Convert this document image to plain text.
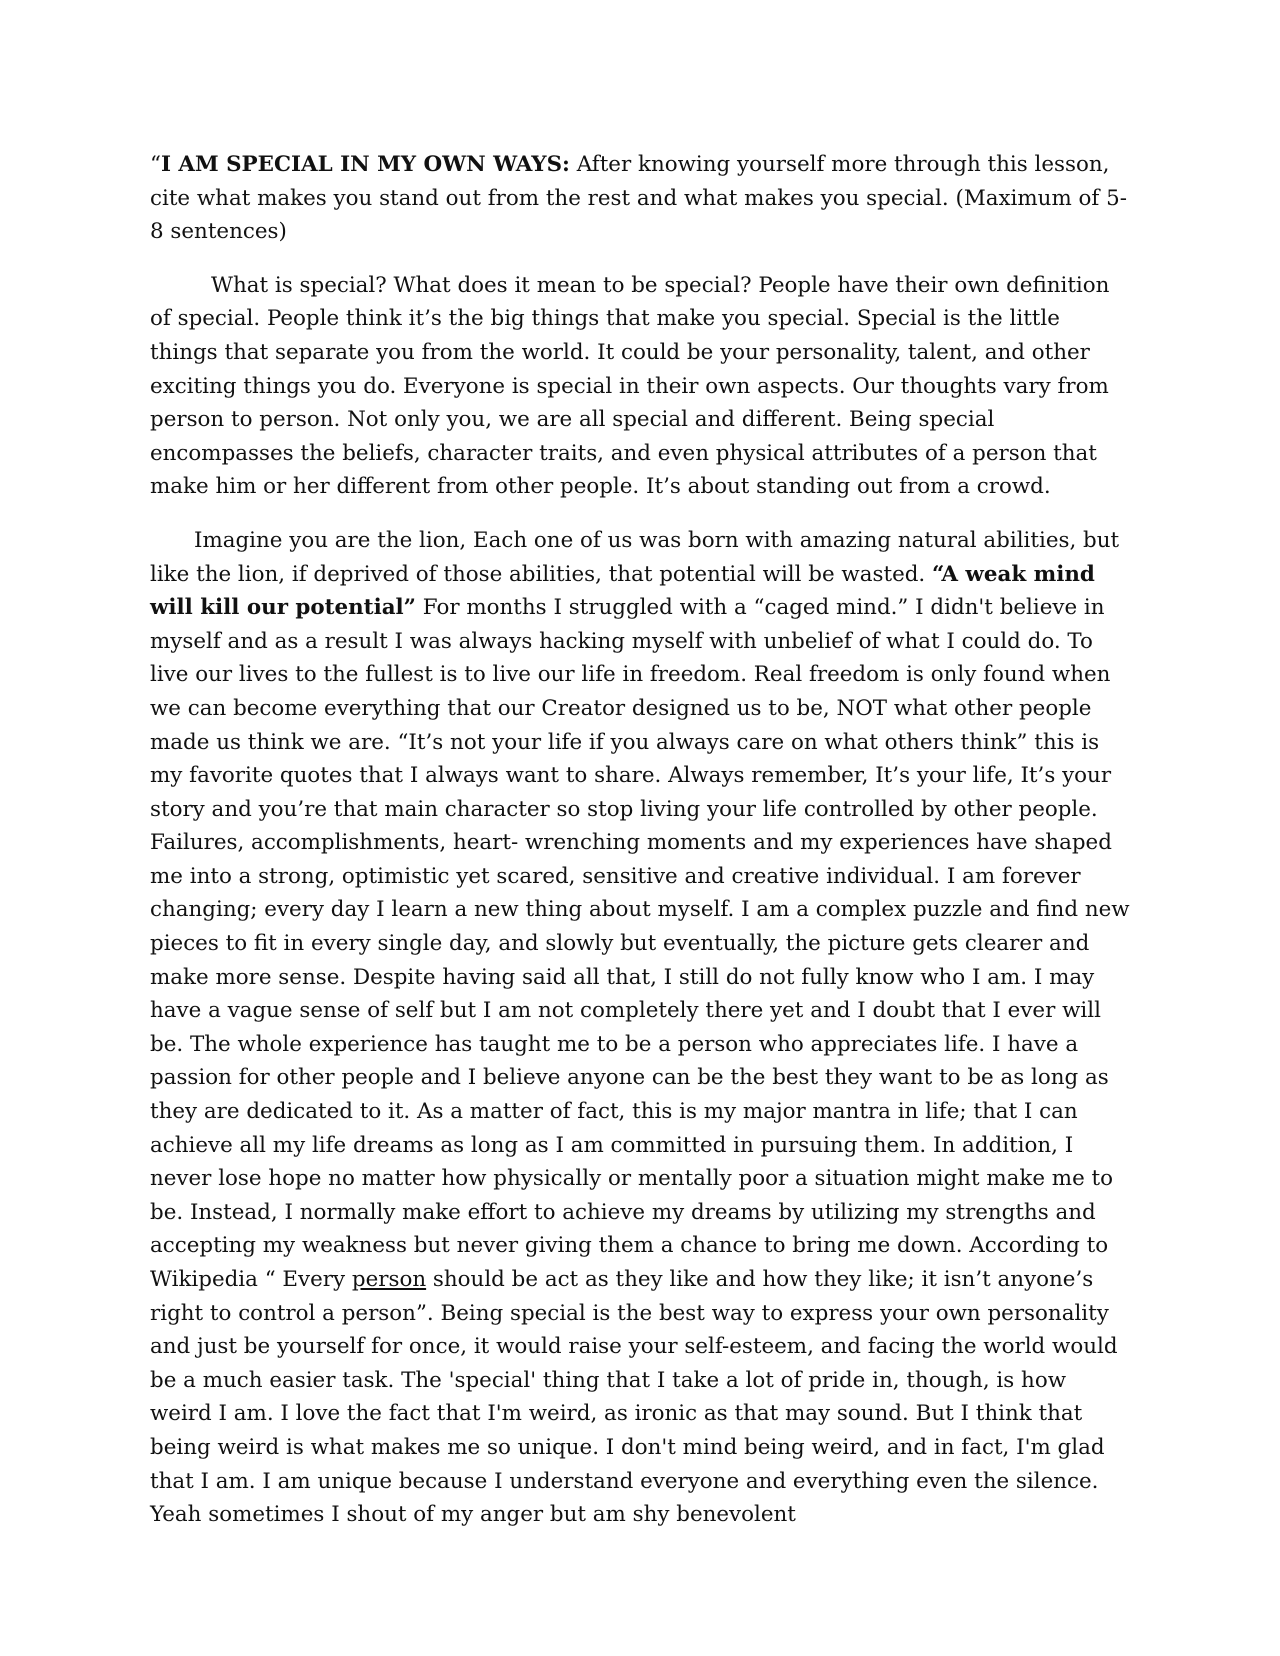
“I AM SPECIAL IN MY OWN WAYS: After knowing yourself more through this lesson, cite what makes you stand out from the rest and what makes you special. (Maximum of 5-8 sentences)

What is special? What does it mean to be special? People have their own definition of special. People think it’s the big things that make you special. Special is the little things that separate you from the world. It could be your personality, talent, and other exciting things you do. Everyone is special in their own aspects. Our thoughts vary from person to person. Not only you, we are all special and different. Being special encompasses the beliefs, character traits, and even physical attributes of a person that make him or her different from other people. It’s about standing out from a crowd.

Imagine you are the lion, Each one of us was born with amazing natural abilities, but like the lion, if deprived of those abilities, that potential will be wasted. “A weak mind will kill our potential” For months I struggled with a “caged mind.” I didn't believe in myself and as a result I was always hacking myself with unbelief of what I could do. To live our lives to the fullest is to live our life in freedom. Real freedom is only found when we can become everything that our Creator designed us to be, NOT what other people made us think we are. “It’s not your life if you always care on what others think” this is my favorite quotes that I always want to share. Always remember, It’s your life, It’s your story and you’re that main character so stop living your life controlled by other people. Failures, accomplishments, heart- wrenching moments and my experiences have shaped me into a strong, optimistic yet scared, sensitive and creative individual. I am forever changing; every day I learn a new thing about myself. I am a complex puzzle and find new pieces to fit in every single day, and slowly but eventually, the picture gets clearer and make more sense. Despite having said all that, I still do not fully know who I am. I may have a vague sense of self but I am not completely there yet and I doubt that I ever will be. The whole experience has taught me to be a person who appreciates life. I have a passion for other people and I believe anyone can be the best they want to be as long as they are dedicated to it. As a matter of fact, this is my major mantra in life; that I can achieve all my life dreams as long as I am committed in pursuing them. In addition, I never lose hope no matter how physically or mentally poor a situation might make me to be. Instead, I normally make effort to achieve my dreams by utilizing my strengths and accepting my weakness but never giving them a chance to bring me down. According to Wikipedia “ Every person should be act as they like and how they like; it isn’t anyone’s right to control a person”. Being special is the best way to express your own personality and just be yourself for once, it would raise your self-esteem, and facing the world would be a much easier task. The 'special' thing that I take a lot of pride in, though, is how weird I am. I love the fact that I'm weird, as ironic as that may sound. But I think that being weird is what makes me so unique. I don't mind being weird, and in fact, I'm glad that I am. I am unique because I understand everyone and everything even the silence. Yeah sometimes I shout of my anger but am shy benevolent
